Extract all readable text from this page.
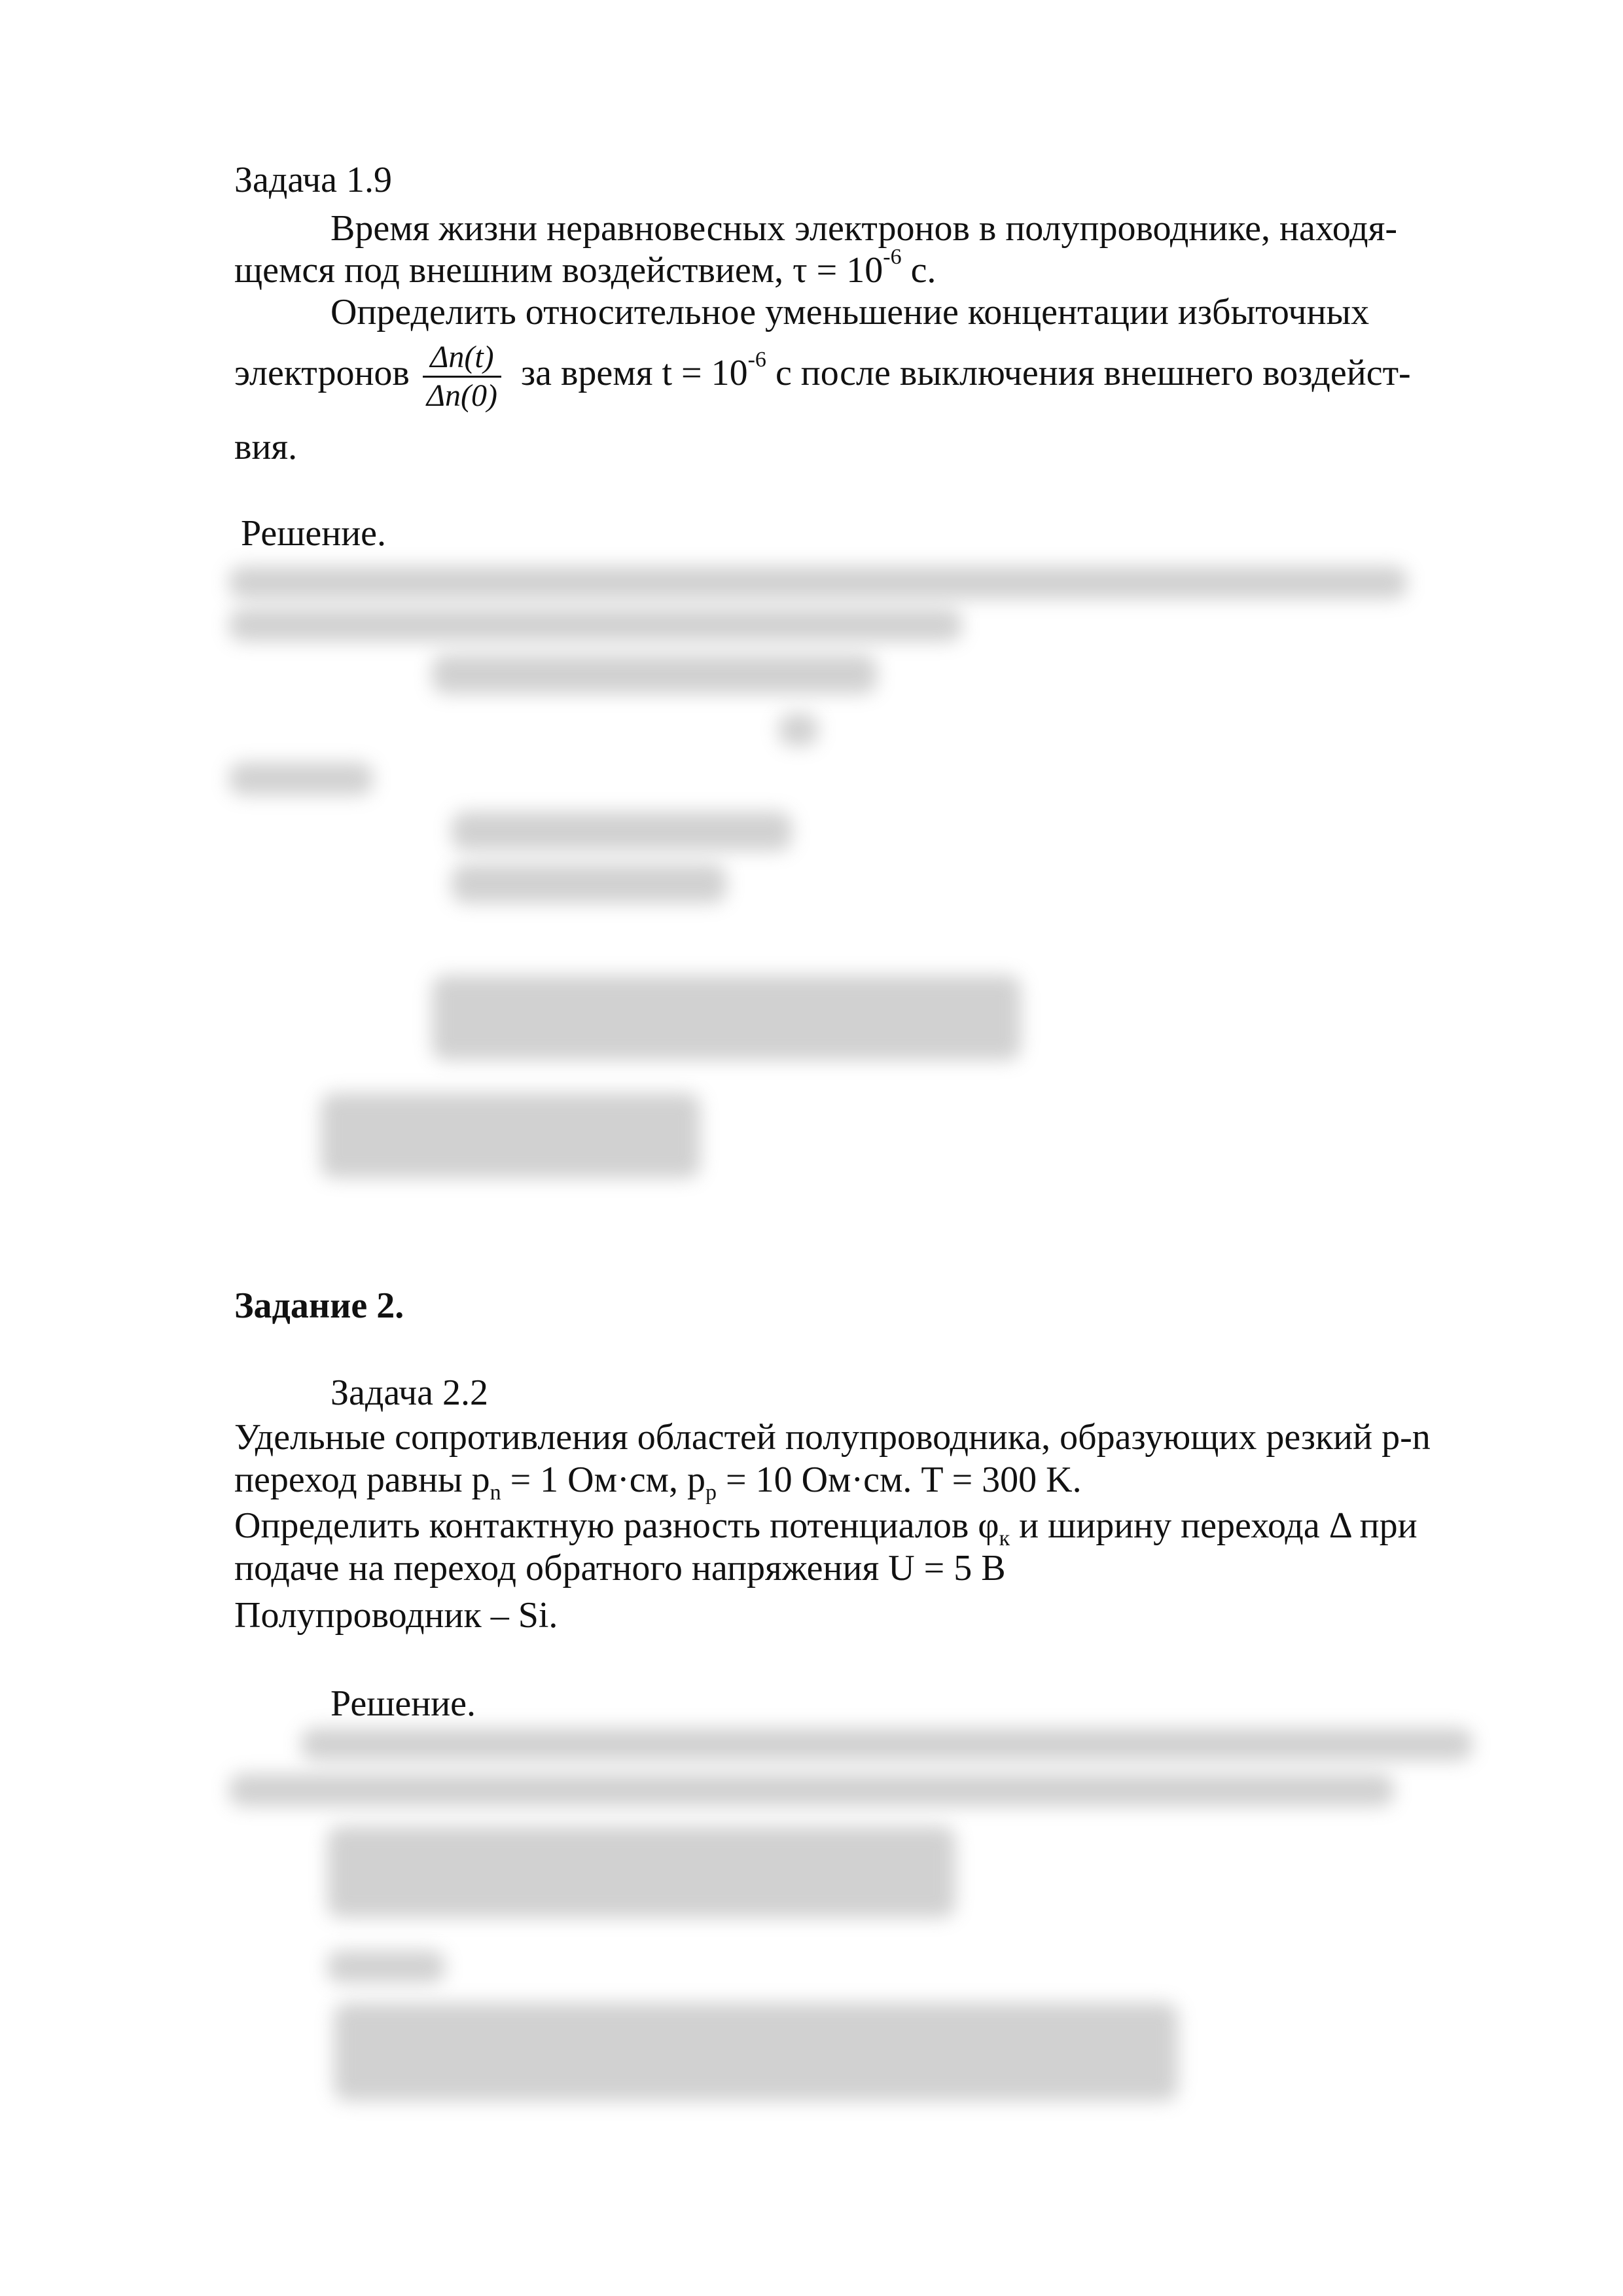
Задача 1.9
Время жизни неравновесных электронов в полупроводнике, находя-
щемся под внешним воздействием, $\tau = 10^{-6}$ с.
Определить относительное уменьшение концентации избыточных
электронов $\frac{\Delta n(t)}{\Delta n(0)}$ за время $t = 10^{-6}$ с после выключения внешнего воздейст-
вия.
Решение.
Задание 2.
Задача 2.2
Удельные сопротивления областей полупроводника, образующих резкий p-n
переход равны $p_n = 1$ Ом·см, $p_p = 10$ Ом·см. T = 300 K.
Определить контактную разность потенциалов $\varphi_к$ и ширину перехода Δ при
подаче на переход обратного напряжения U = 5 B
Полупроводник – Si.
Решение.
